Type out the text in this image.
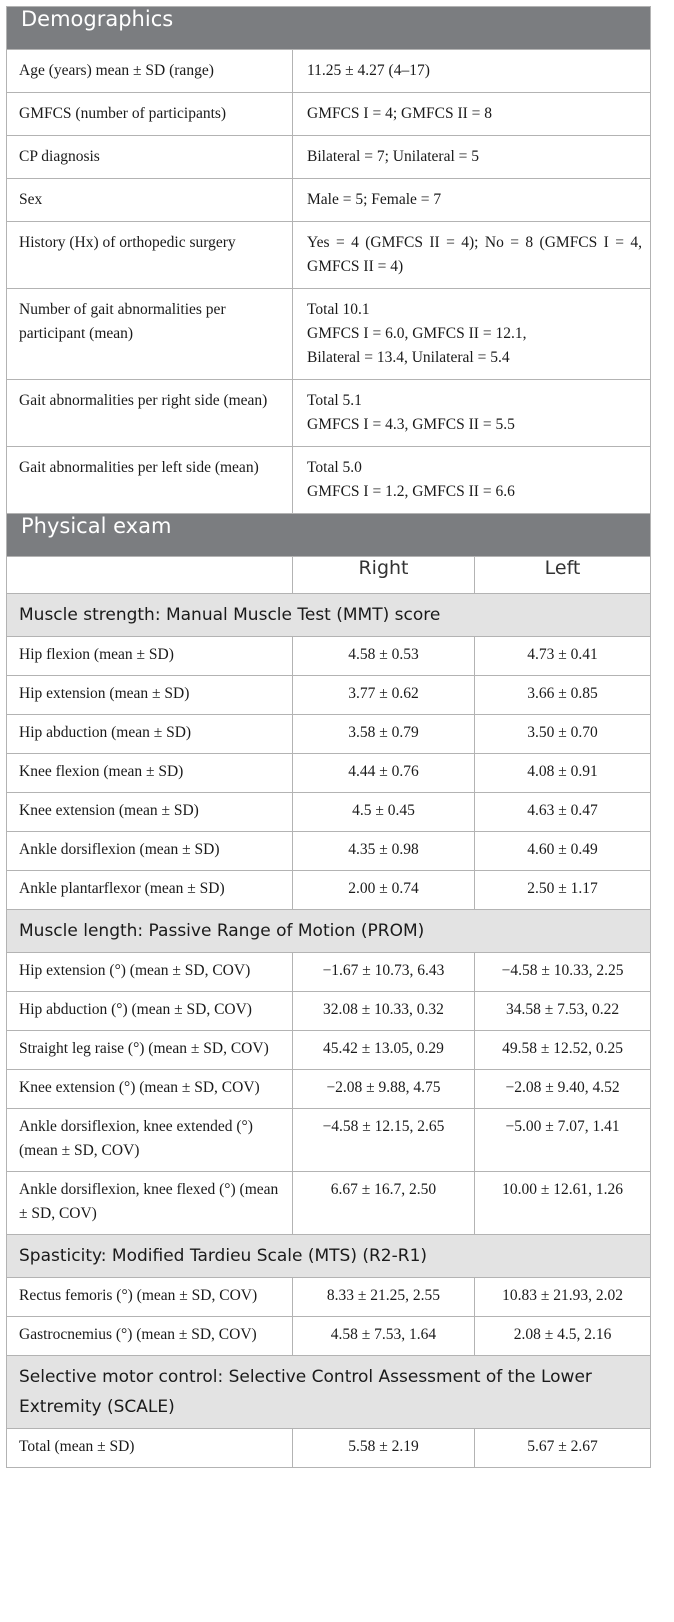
Demographics		
Age (years) mean ± SD (range)	11.25 ± 4.27 (4–17)	

GMFCS (number of participants)	GMFCS I = 4; GMFCS II = 8	

CP diagnosis	Bilateral = 7; Unilateral = 5	

Sex	Male = 5; Female = 7	

History (Hx) of orthopedic surgery	Yes = 4 (GMFCS II = 4); No = 8 (GMFCS I = 4, GMFCS II = 4)	

Number of gait abnormalities per participant (mean)	Total 10.1
GMFCS I = 6.0, GMFCS II = 12.1,
Bilateral = 13.4, Unilateral = 5.4	

Gait abnormalities per right side (mean)	Total 5.1
GMFCS I = 4.3, GMFCS II = 5.5	

Gait abnormalities per left side (mean)	Total 5.0
GMFCS I = 1.2, GMFCS II = 6.6	

Physical exam		
	Right	Left
Muscle strength: Manual Muscle Test (MMT) score		
Hip flexion (mean ± SD)	4.58 ± 0.53	4.73 ± 0.41
Hip extension (mean ± SD)	3.77 ± 0.62	3.66 ± 0.85
Hip abduction (mean ± SD)	3.58 ± 0.79	3.50 ± 0.70
Knee flexion (mean ± SD)	4.44 ± 0.76	4.08 ± 0.91
Knee extension (mean ± SD)	4.5 ± 0.45	4.63 ± 0.47
Ankle dorsiflexion (mean ± SD)	4.35 ± 0.98	4.60 ± 0.49
Ankle plantarflexor (mean ± SD)	2.00 ± 0.74	2.50 ± 1.17
Muscle length: Passive Range of Motion (PROM)		
Hip extension (°) (mean ± SD, COV)	−1.67 ± 10.73, 6.43	−4.58 ± 10.33, 2.25
Hip abduction (°) (mean ± SD, COV)	32.08 ± 10.33, 0.32	34.58 ± 7.53, 0.22
Straight leg raise (°) (mean ± SD, COV)	45.42 ± 13.05, 0.29	49.58 ± 12.52, 0.25
Knee extension (°) (mean ± SD, COV)	−2.08 ± 9.88, 4.75	−2.08 ± 9.40, 4.52
Ankle dorsiflexion, knee extended (°) (mean ± SD, COV)	−4.58 ± 12.15, 2.65	−5.00 ± 7.07, 1.41
Ankle dorsiflexion, knee flexed (°) (mean ± SD, COV)	6.67 ± 16.7, 2.50	10.00 ± 12.61, 1.26
Spasticity: Modified Tardieu Scale (MTS) (R2-R1)		
Rectus femoris (°) (mean ± SD, COV)	8.33 ± 21.25, 2.55	10.83 ± 21.93, 2.02
Gastrocnemius (°) (mean ± SD, COV)	4.58 ± 7.53, 1.64	2.08 ± 4.5, 2.16
Selective motor control: Selective Control Assessment of the Lower Extremity (SCALE)		
Total (mean ± SD)	5.58 ± 2.19	5.67 ± 2.67
